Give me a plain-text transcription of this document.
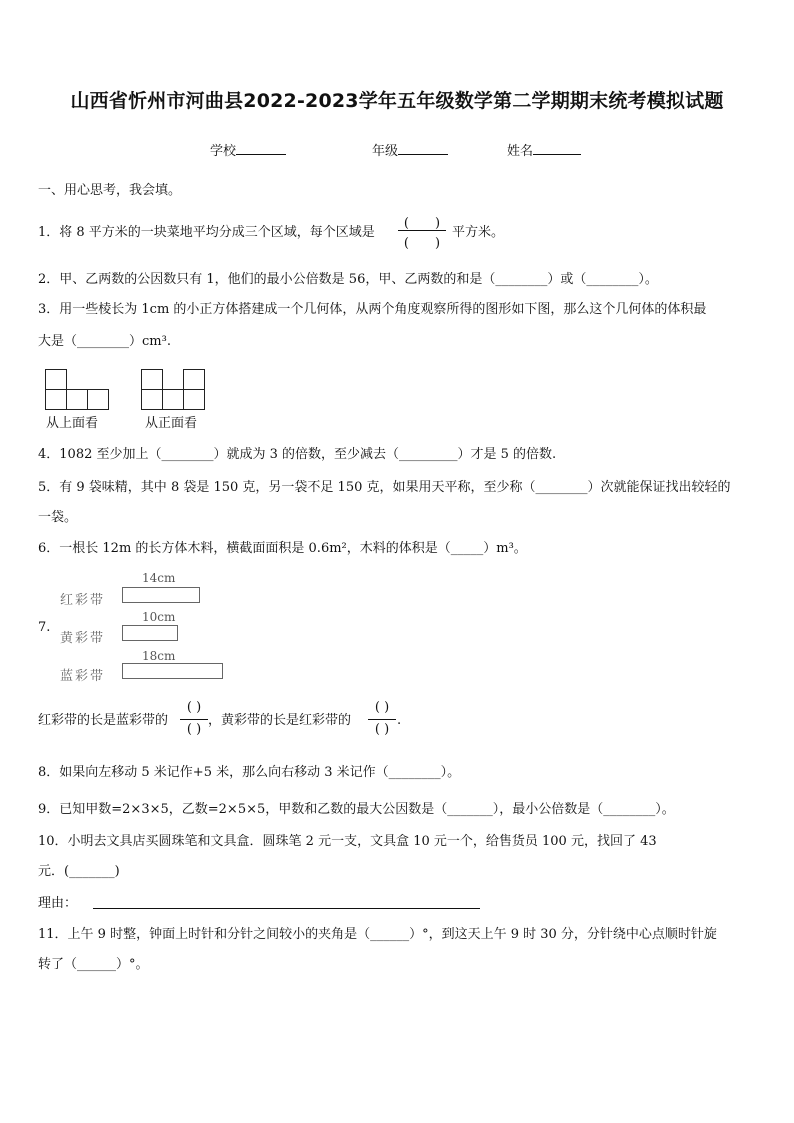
山西省忻州市河曲县2022-2023学年五年级数学第二学期期末统考模拟试题
学校	年级	姓名
一、用心思考，我会填。
1．将 8 平方米的一块菜地平均分成三个区域，每个区域是
(　　)
(　　)
平方米。
2．甲、乙两数的公因数只有 1，他们的最小公倍数是 56，甲、乙两数的和是（________）或（________）。
3．用一些棱长为 1cm 的小正方体搭建成一个几何体，从两个角度观察所得的图形如下图，那么这个几何体的体积最
大是（________）cm³.
从上面看	从正面看
4．1082 至少加上（________）就成为 3 的倍数，至少减去（_________）才是 5 的倍数.
5．有 9 袋味精，其中 8 袋是 150 克，另一袋不足 150 克，如果用天平称，至少称（________）次就能保证找出较轻的
一袋。
6．一根长 12m 的长方体木料，横截面面积是 0.6m²，木料的体积是（_____）m³。
7.
14cm
红彩带
10cm
黄彩带
18cm
蓝彩带
红彩带的长是蓝彩带的
( )
( )
，黄彩带的长是红彩带的
( )
( )
.
8．如果向左移动 5 米记作+5 米，那么向右移动 3 米记作（________）。
9．已知甲数=2×3×5，乙数=2×5×5，甲数和乙数的最大公因数是（_______），最小公倍数是（________）。
10．小明去文具店买圆珠笔和文具盒．圆珠笔 2 元一支，文具盒 10 元一个，给售货员 100 元，找回了 43
元．(_______)
理由：
11．上午 9 时整，钟面上时针和分针之间较小的夹角是（______）°，到这天上午 9 时 30 分，分针绕中心点顺时针旋
转了（______）°。
